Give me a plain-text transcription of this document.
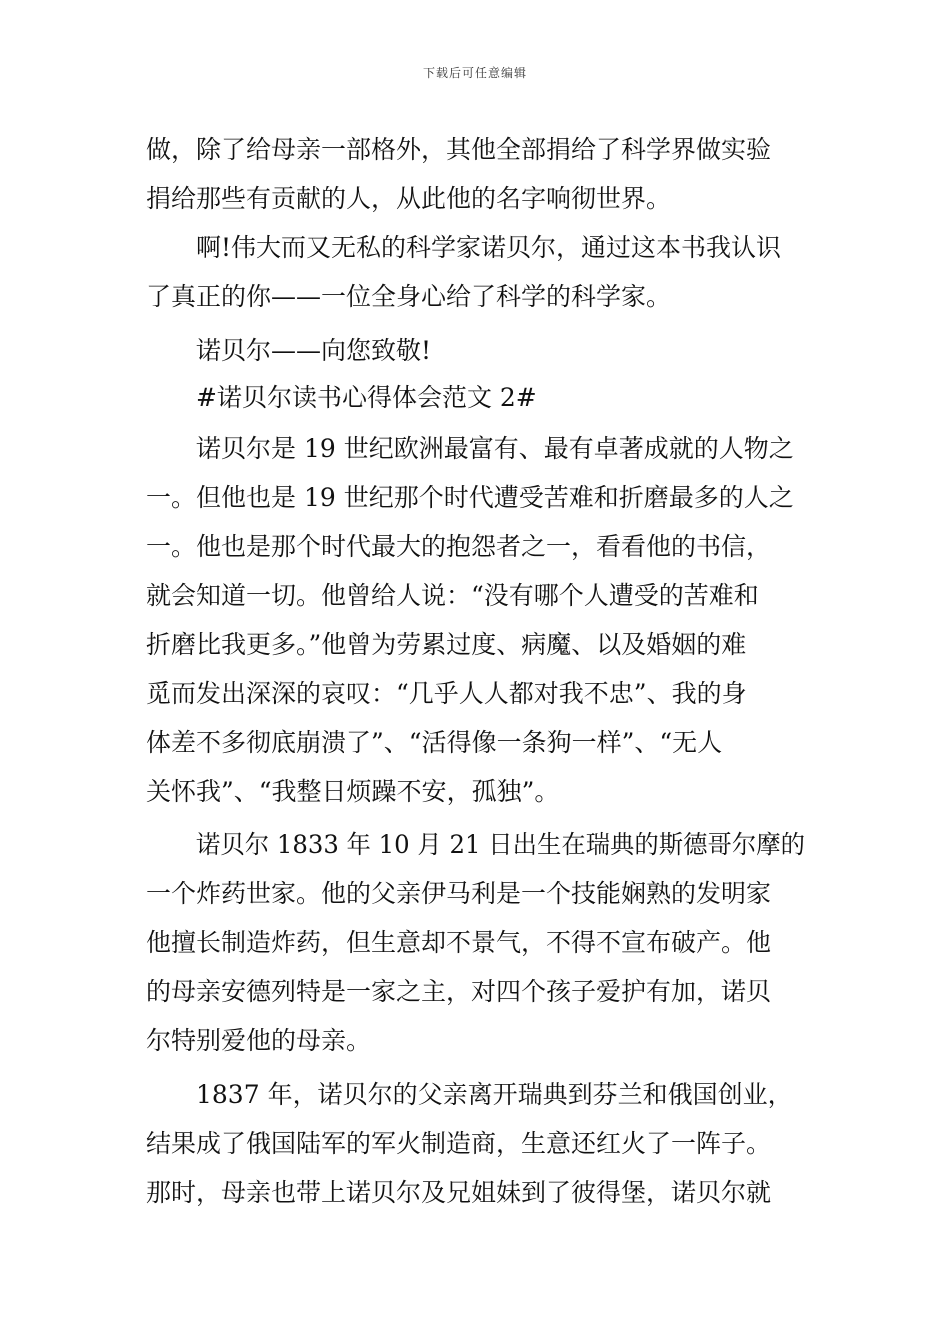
下载后可任意编辑
做，除了给母亲一部格外，其他全部捐给了科学界做实验
捐给那些有贡献的人，从此他的名字响彻世界。
啊!伟大而又无私的科学家诺贝尔，通过这本书我认识
了真正的你——一位全身心给了科学的科学家。
诺贝尔——向您致敬!
#诺贝尔读书心得体会范文 2#
诺贝尔是 19 世纪欧洲最富有、最有卓著成就的人物之
一。但他也是 19 世纪那个时代遭受苦难和折磨最多的人之
一。他也是那个时代最大的抱怨者之一，看看他的书信，
就会知道一切。他曾给人说：“没有哪个人遭受的苦难和
折磨比我更多。”他曾为劳累过度、病魔、以及婚姻的难
觅而发出深深的哀叹：“几乎人人都对我不忠”、我的身
体差不多彻底崩溃了”、“活得像一条狗一样”、“无人
关怀我”、“我整日烦躁不安，孤独”。
诺贝尔 1833 年 10 月 21 日出生在瑞典的斯德哥尔摩的
一个炸药世家。他的父亲伊马利是一个技能娴熟的发明家
他擅长制造炸药，但生意却不景气，不得不宣布破产。他
的母亲安德列特是一家之主，对四个孩子爱护有加，诺贝
尔特别爱他的母亲。
1837 年，诺贝尔的父亲离开瑞典到芬兰和俄国创业，
结果成了俄国陆军的军火制造商，生意还红火了一阵子。
那时，母亲也带上诺贝尔及兄姐妹到了彼得堡，诺贝尔就
